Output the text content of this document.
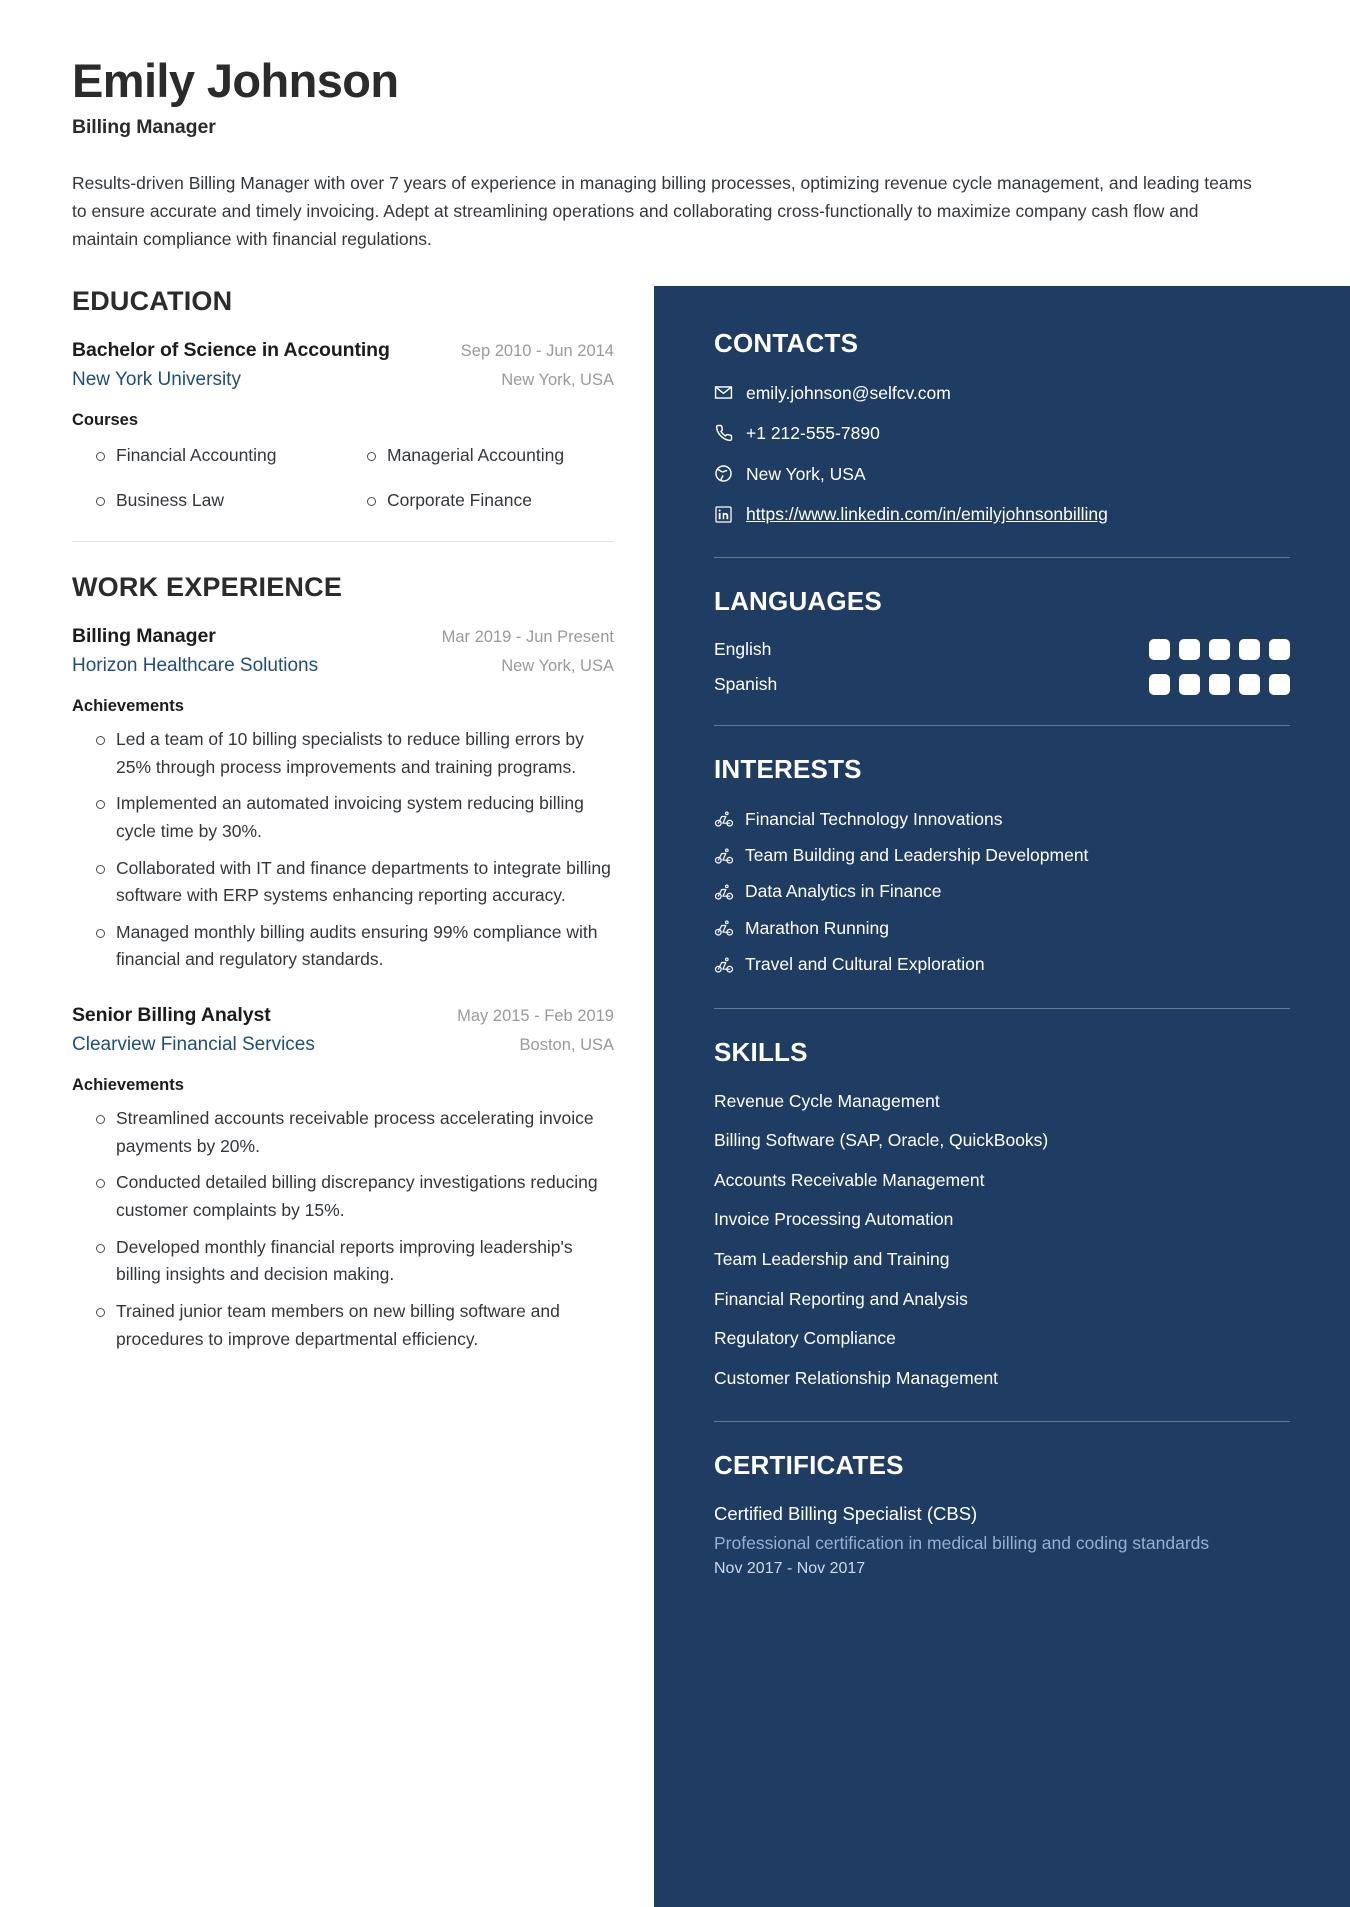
Emily Johnson
Billing Manager
Results-driven Billing Manager with over 7 years of experience in managing billing processes, optimizing revenue cycle management, and leading teams to ensure accurate and timely invoicing. Adept at streamlining operations and collaborating cross-functionally to maximize company cash flow and maintain compliance with financial regulations.
EDUCATION
Bachelor of Science in Accounting	Sep 2010 - Jun 2014
New York University	New York, USA
Courses
Financial Accounting	Managerial Accounting
Business Law	Corporate Finance
WORK EXPERIENCE
Billing Manager	Mar 2019 - Jun Present
Horizon Healthcare Solutions	New York, USA
Achievements
Led a team of 10 billing specialists to reduce billing errors by 25% through process improvements and training programs.
Implemented an automated invoicing system reducing billing cycle time by 30%.
Collaborated with IT and finance departments to integrate billing software with ERP systems enhancing reporting accuracy.
Managed monthly billing audits ensuring 99% compliance with financial and regulatory standards.
Senior Billing Analyst	May 2015 - Feb 2019
Clearview Financial Services	Boston, USA
Achievements
Streamlined accounts receivable process accelerating invoice payments by 20%.
Conducted detailed billing discrepancy investigations reducing customer complaints by 15%.
Developed monthly financial reports improving leadership's billing insights and decision making.
Trained junior team members on new billing software and procedures to improve departmental efficiency.
CONTACTS
emily.johnson@selfcv.com
+1 212-555-7890
New York, USA
https://www.linkedin.com/in/emilyjohnsonbilling
LANGUAGES
English
Spanish
INTERESTS
Financial Technology Innovations
Team Building and Leadership Development
Data Analytics in Finance
Marathon Running
Travel and Cultural Exploration
SKILLS
Revenue Cycle Management
Billing Software (SAP, Oracle, QuickBooks)
Accounts Receivable Management
Invoice Processing Automation
Team Leadership and Training
Financial Reporting and Analysis
Regulatory Compliance
Customer Relationship Management
CERTIFICATES
Certified Billing Specialist (CBS)
Professional certification in medical billing and coding standards
Nov 2017 - Nov 2017
